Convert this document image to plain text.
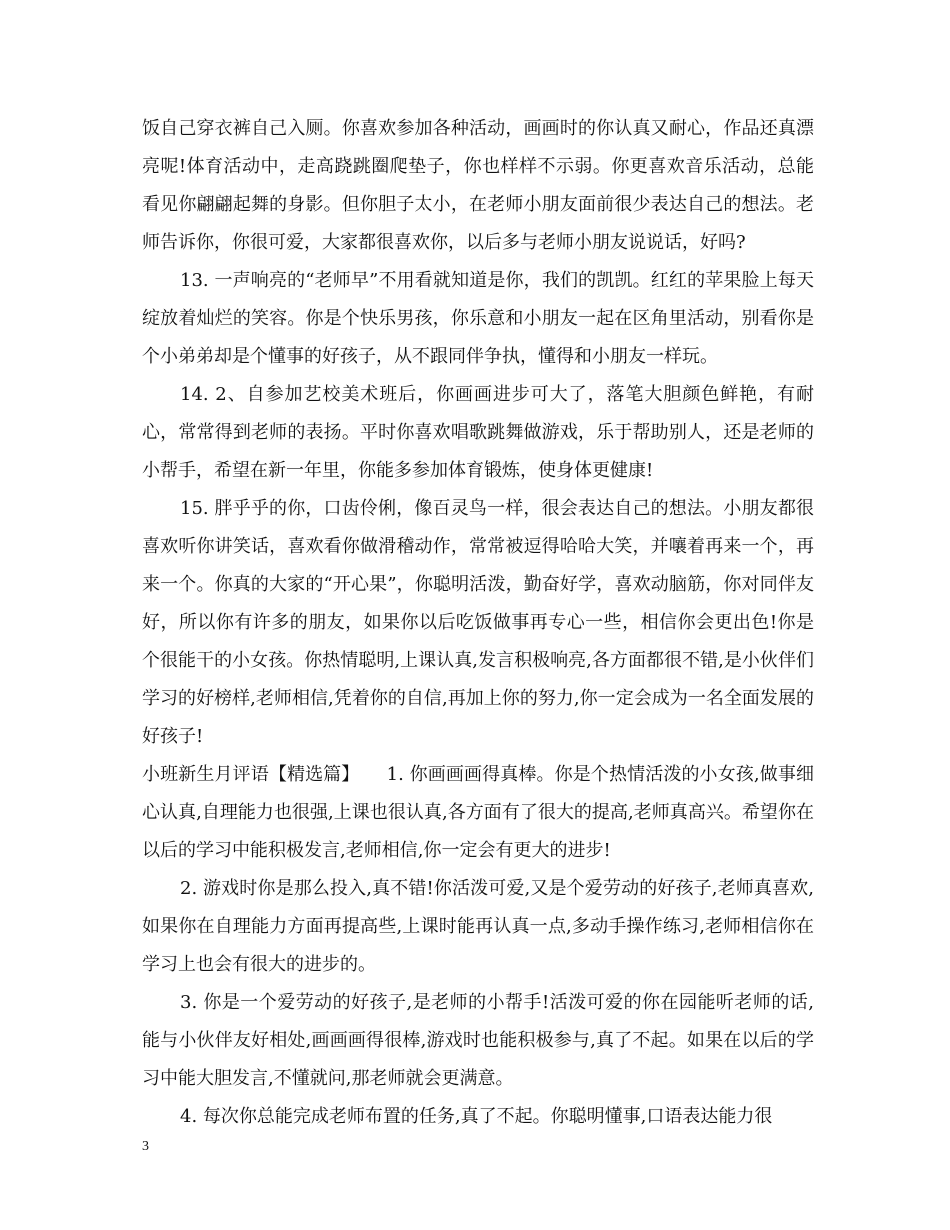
饭自己穿衣裤自己入厕。你喜欢参加各种活动，画画时的你认真又耐心，作品还真漂亮呢!体育活动中，走高跷跳圈爬垫子，你也样样不示弱。你更喜欢音乐活动，总能看见你翩翩起舞的身影。但你胆子太小，在老师小朋友面前很少表达自己的想法。老师告诉你，你很可爱，大家都很喜欢你，以后多与老师小朋友说说话，好吗?

13. 一声响亮的“老师早”不用看就知道是你，我们的凯凯。红红的苹果脸上每天绽放着灿烂的笑容。你是个快乐男孩，你乐意和小朋友一起在区角里活动，别看你是个小弟弟却是个懂事的好孩子，从不跟同伴争执，懂得和小朋友一样玩。

14. 2、自参加艺校美术班后，你画画进步可大了，落笔大胆颜色鲜艳，有耐心，常常得到老师的表扬。平时你喜欢唱歌跳舞做游戏，乐于帮助别人，还是老师的小帮手，希望在新一年里，你能多参加体育锻炼，使身体更健康!

15. 胖乎乎的你，口齿伶俐，像百灵鸟一样，很会表达自己的想法。小朋友都很喜欢听你讲笑话，喜欢看你做滑稽动作，常常被逗得哈哈大笑，并嚷着再来一个，再来一个。你真的大家的“开心果”，你聪明活泼，勤奋好学，喜欢动脑筋，你对同伴友好，所以你有许多的朋友，如果你以后吃饭做事再专心一些，相信你会更出色!你是个很能干的小女孩。你热情聪明,上课认真,发言积极响亮,各方面都很不错,是小伙伴们学习的好榜样,老师相信,凭着你的自信,再加上你的努力,你一定会成为一名全面发展的好孩子!

小班新生月评语【精选篇】　　1. 你画画画得真棒。你是个热情活泼的小女孩,做事细心认真,自理能力也很强,上课也很认真,各方面有了很大的提高,老师真高兴。希望你在以后的学习中能积极发言,老师相信,你一定会有更大的进步!

2. 游戏时你是那么投入,真不错!你活泼可爱,又是个爱劳动的好孩子,老师真喜欢,如果你在自理能力方面再提高些,上课时能再认真一点,多动手操作练习,老师相信你在学习上也会有很大的进步的。

3. 你是一个爱劳动的好孩子,是老师的小帮手!活泼可爱的你在园能听老师的话,能与小伙伴友好相处,画画画得很棒,游戏时也能积极参与,真了不起。如果在以后的学习中能大胆发言,不懂就问,那老师就会更满意。

4. 每次你总能完成老师布置的任务,真了不起。你聪明懂事,口语表达能力很

3
